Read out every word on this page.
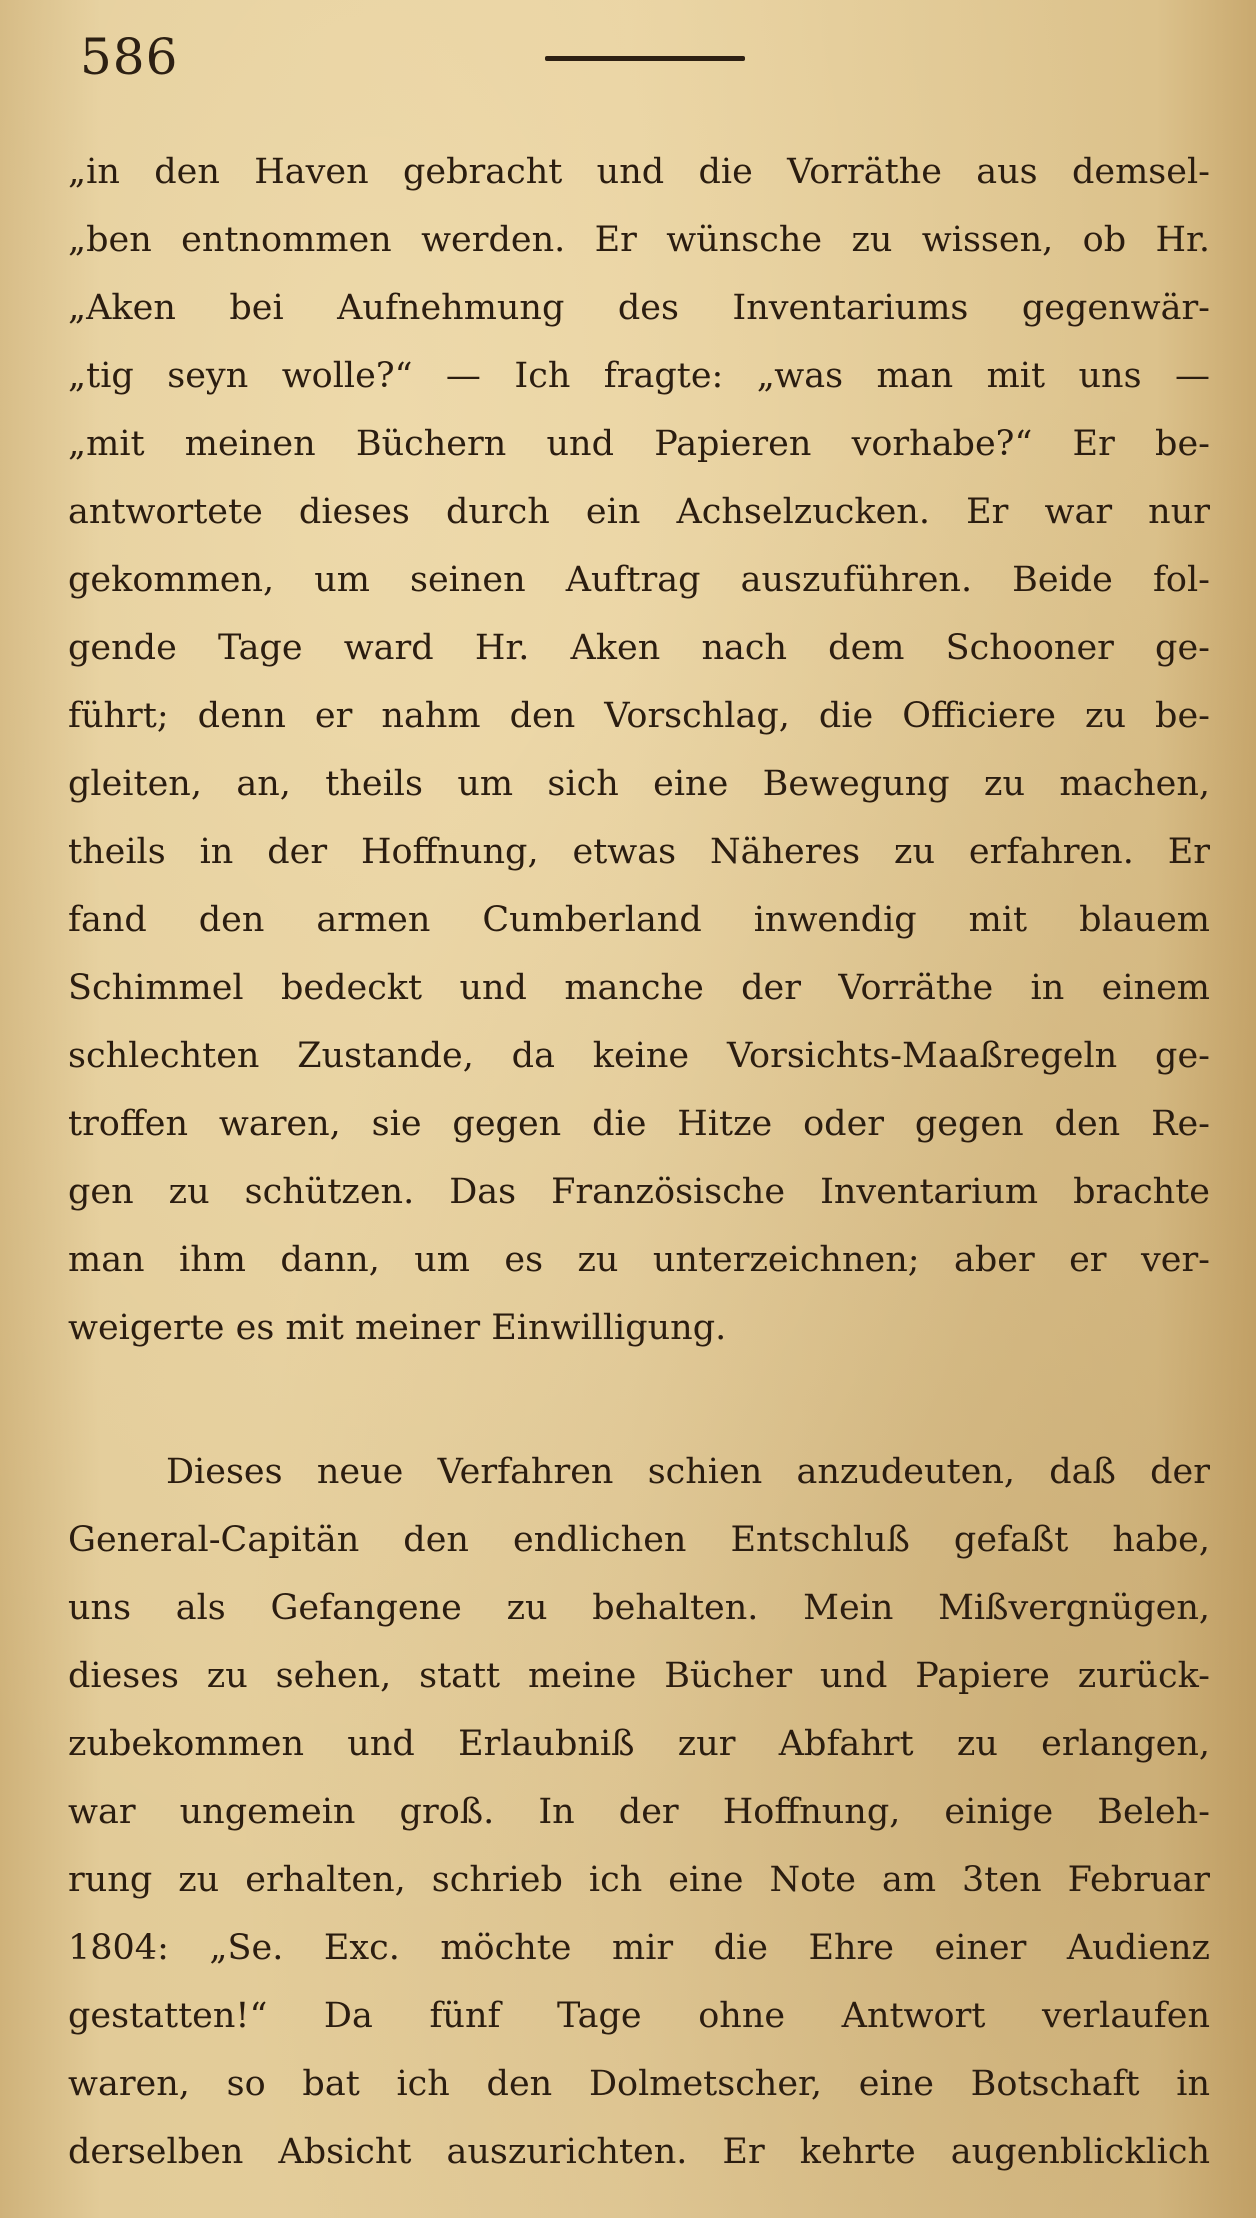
586
„in den Haven gebracht und die Vorräthe aus demsel-
„ben entnommen werden. Er wünsche zu wissen, ob Hr.
„Aken bei Aufnehmung des Inventariums gegenwär-
„tig seyn wolle?“ — Ich fragte: „was man mit uns —
„mit meinen Büchern und Papieren vorhabe?“ Er be-
antwortete dieses durch ein Achselzucken. Er war nur
gekommen, um seinen Auftrag auszuführen. Beide fol-
gende Tage ward Hr. Aken nach dem Schooner ge-
führt; denn er nahm den Vorschlag, die Officiere zu be-
gleiten, an, theils um sich eine Bewegung zu machen,
theils in der Hoffnung, etwas Näheres zu erfahren. Er
fand den armen Cumberland inwendig mit blauem
Schimmel bedeckt und manche der Vorräthe in einem
schlechten Zustande, da keine Vorsichts-Maaßregeln ge-
troffen waren, sie gegen die Hitze oder gegen den Re-
gen zu schützen. Das Französische Inventarium brachte
man ihm dann, um es zu unterzeichnen; aber er ver-
weigerte es mit meiner Einwilligung.
Dieses neue Verfahren schien anzudeuten, daß der
General-Capitän den endlichen Entschluß gefaßt habe,
uns als Gefangene zu behalten. Mein Mißvergnügen,
dieses zu sehen, statt meine Bücher und Papiere zurück-
zubekommen und Erlaubniß zur Abfahrt zu erlangen,
war ungemein groß. In der Hoffnung, einige Beleh-
rung zu erhalten, schrieb ich eine Note am 3ten Februar
1804: „Se. Exc. möchte mir die Ehre einer Audienz
gestatten!“ Da fünf Tage ohne Antwort verlaufen
waren, so bat ich den Dolmetscher, eine Botschaft in
derselben Absicht auszurichten. Er kehrte augenblicklich
